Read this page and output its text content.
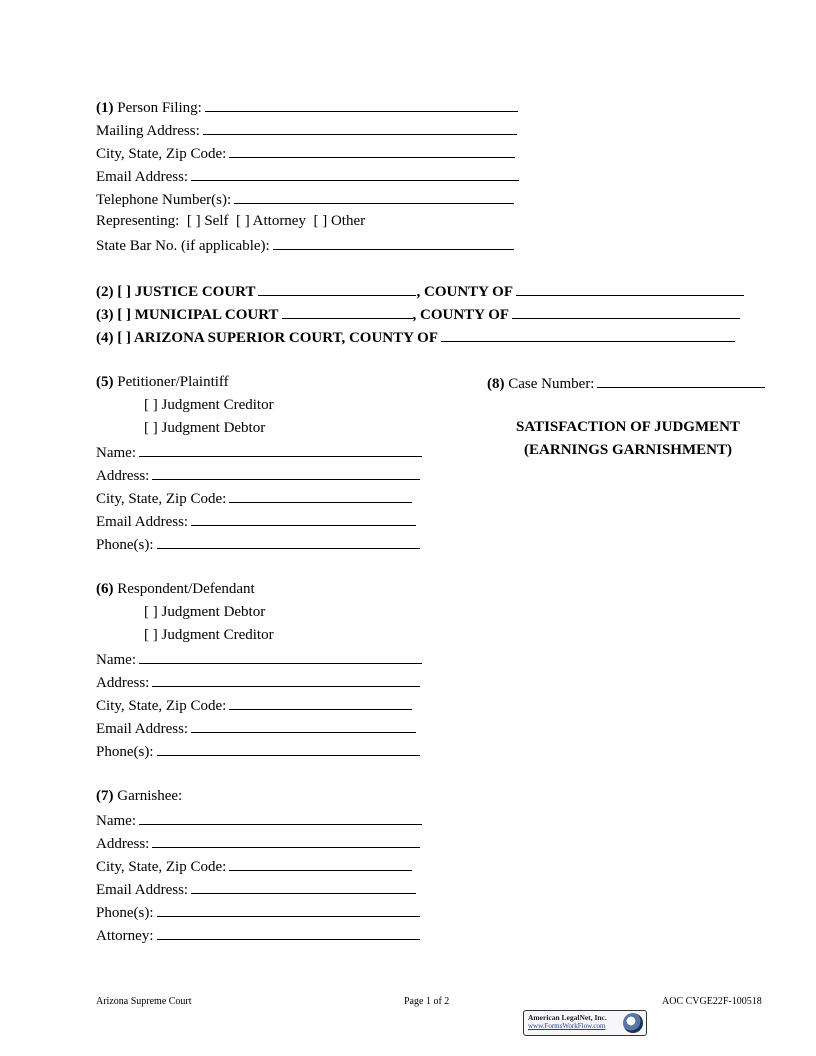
(1)
Person Filing:
Mailing Address:
City, State, Zip Code:
Email Address:
Telephone Number(s):
Representing:
[ ] Self
[ ] Attorney
[ ] Other
State Bar No. (if applicable):
(2) [ ] JUSTICE COURT	, COUNTY OF
(3) [ ] MUNICIPAL COURT	, COUNTY OF
(4) [ ] ARIZONA SUPERIOR COURT, COUNTY OF
(5)
Petitioner/Plaintiff
[ ] Judgment Creditor
[ ] Judgment Debtor
Name:
Address:
City, State, Zip Code:
Email Address:
Phone(s):
(8)
Case Number:
SATISFACTION OF JUDGMENT
(EARNINGS GARNISHMENT)
(6)
Respondent/Defendant
[ ] Judgment Debtor
[ ] Judgment Creditor
Name:
Address:
City, State, Zip Code:
Email Address:
Phone(s):
(7)
Garnishee:
Name:
Address:
City, State, Zip Code:
Email Address:
Phone(s):
Attorney:
Arizona Supreme Court	Page 1 of 2	AOC CVGE22F-100518
American LegalNet, Inc.
www.FormsWorkFlow.com
